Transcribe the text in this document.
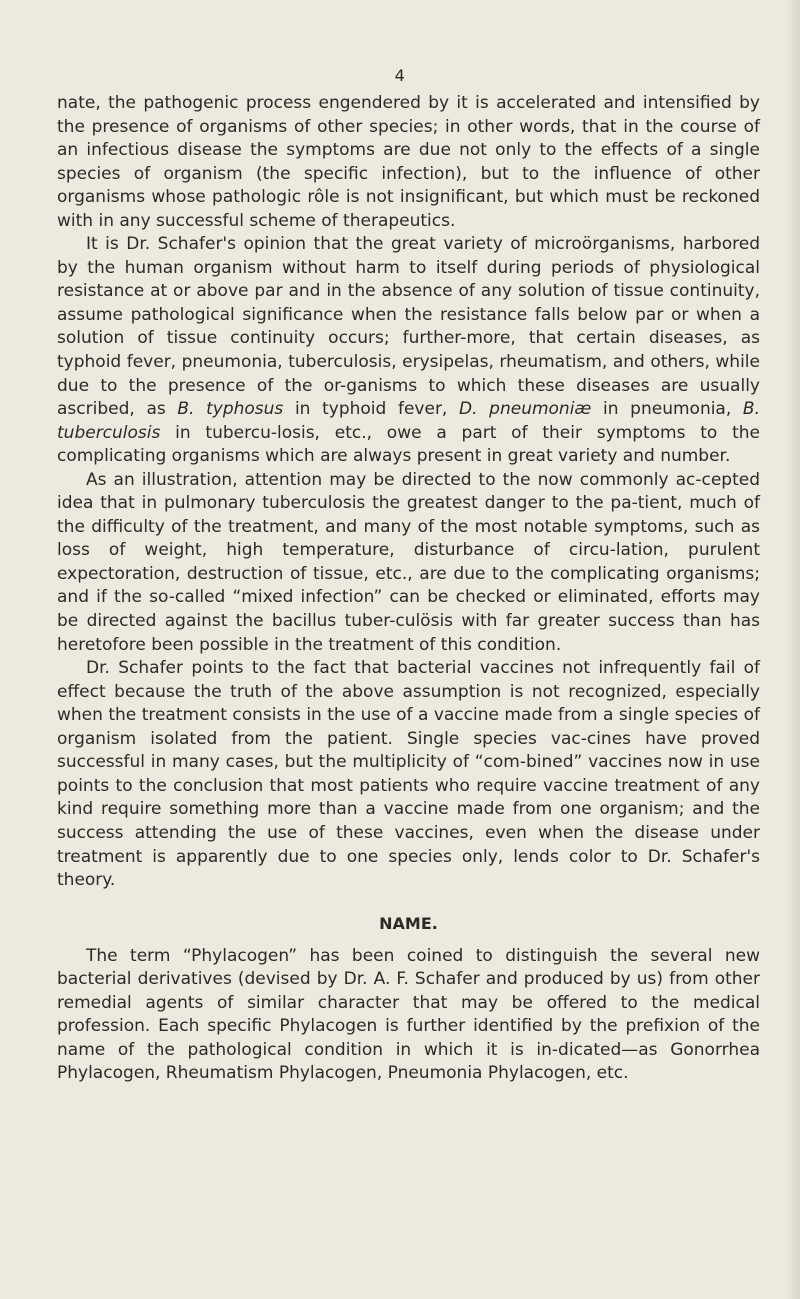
4

nate, the pathogenic process engendered by it is accelerated and intensified by the presence of organisms of other species; in other words, that in the course of an infectious disease the symptoms are due not only to the effects of a single species of organism (the specific infection), but to the influence of other organisms whose pathologic rôle is not insignificant, but which must be reckoned with in any successful scheme of therapeutics.

It is Dr. Schafer's opinion that the great variety of microörganisms, harbored by the human organism without harm to itself during periods of physiological resistance at or above par and in the absence of any solution of tissue continuity, assume pathological significance when the resistance falls below par or when a solution of tissue continuity occurs; further-more, that certain diseases, as typhoid fever, pneumonia, tuberculosis, erysipelas, rheumatism, and others, while due to the presence of the or-ganisms to which these diseases are usually ascribed, as B. typhosus in typhoid fever, D. pneumoniæ in pneumonia, B. tuberculosis in tubercu-losis, etc., owe a part of their symptoms to the complicating organisms which are always present in great variety and number.

As an illustration, attention may be directed to the now commonly ac-cepted idea that in pulmonary tuberculosis the greatest danger to the pa-tient, much of the difficulty of the treatment, and many of the most notable symptoms, such as loss of weight, high temperature, disturbance of circu-lation, purulent expectoration, destruction of tissue, etc., are due to the complicating organisms; and if the so-called “mixed infection” can be checked or eliminated, efforts may be directed against the bacillus tuber-culösis with far greater success than has heretofore been possible in the treatment of this condition.

Dr. Schafer points to the fact that bacterial vaccines not infrequently fail of effect because the truth of the above assumption is not recognized, especially when the treatment consists in the use of a vaccine made from a single species of organism isolated from the patient. Single species vac-cines have proved successful in many cases, but the multiplicity of “com-bined” vaccines now in use points to the conclusion that most patients who require vaccine treatment of any kind require something more than a vaccine made from one organism; and the success attending the use of these vaccines, even when the disease under treatment is apparently due to one species only, lends color to Dr. Schafer's theory.

NAME.

The term “Phylacogen” has been coined to distinguish the several new bacterial derivatives (devised by Dr. A. F. Schafer and produced by us) from other remedial agents of similar character that may be offered to the medical profession. Each specific Phylacogen is further identified by the prefixion of the name of the pathological condition in which it is in-dicated—as Gonorrhea Phylacogen, Rheumatism Phylacogen, Pneumonia Phylacogen, etc.
